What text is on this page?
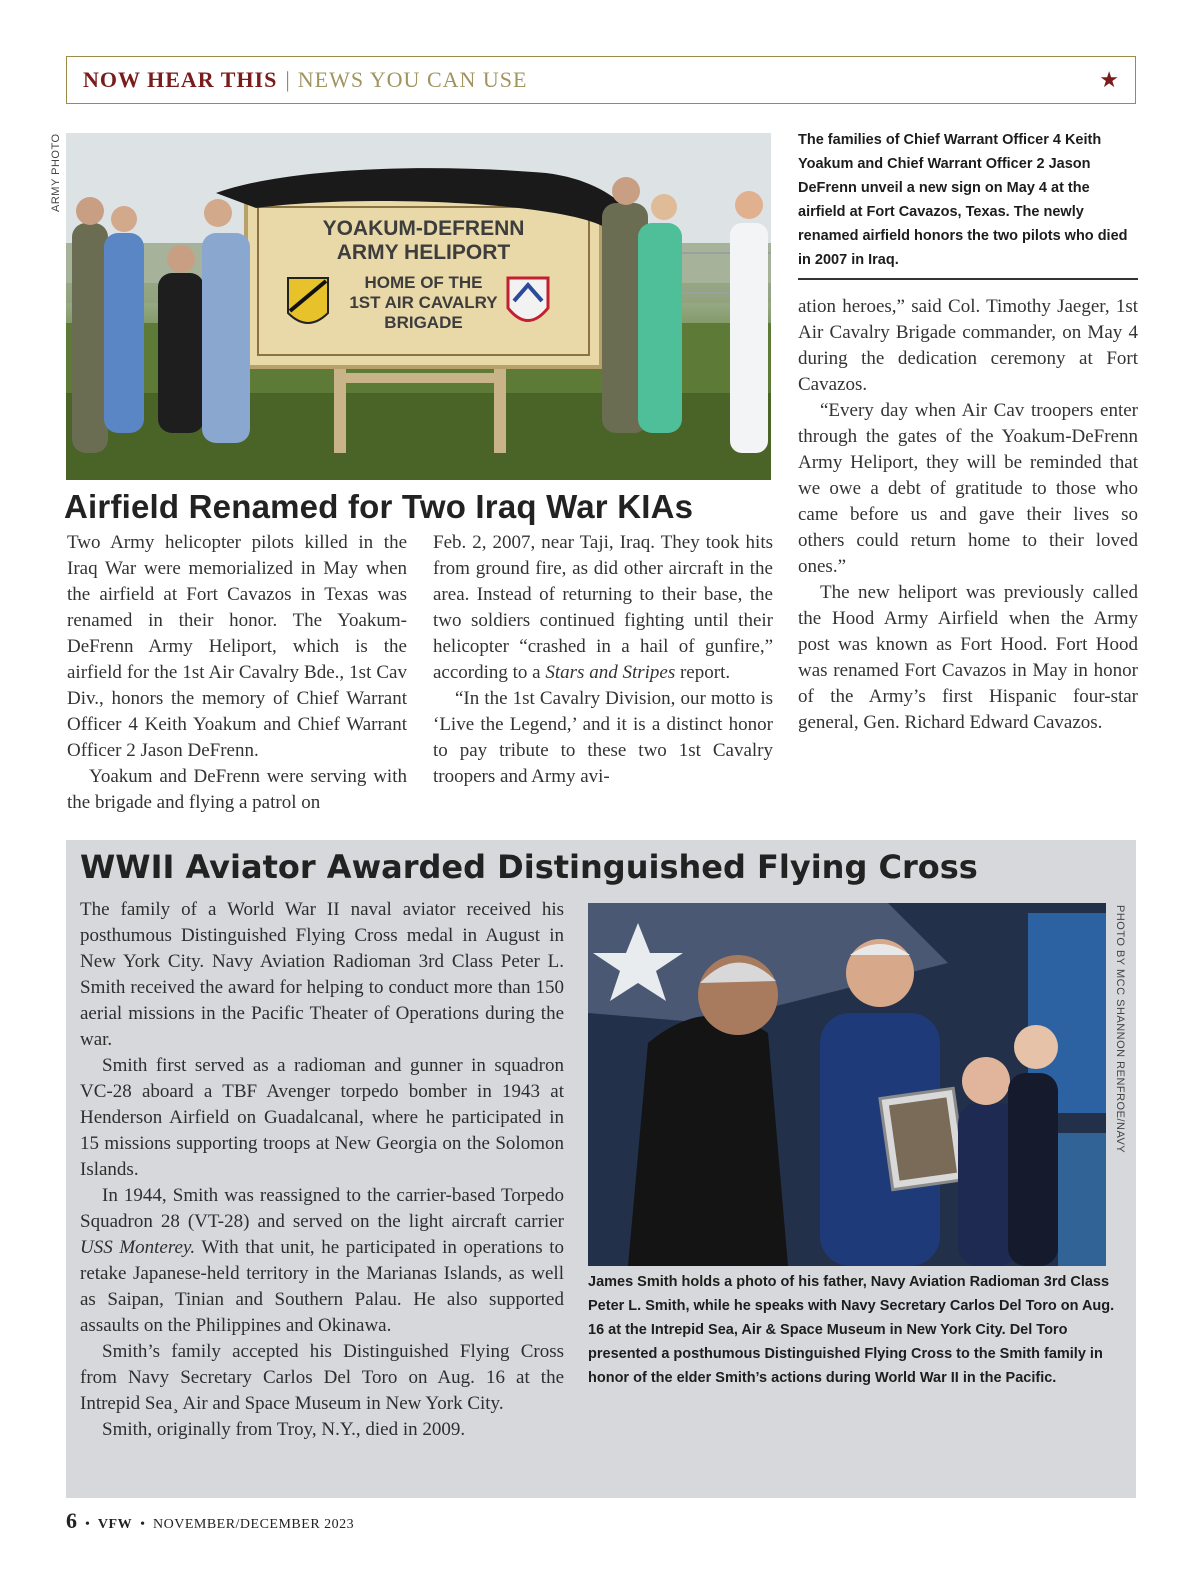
NOW HEAR THIS | NEWS YOU CAN USE	★
ARMY PHOTO
YOAKUM-DEFRENN
ARMY HELIPORT
HOME OF THE
1ST AIR CAVALRY
BRIGADE
The families of Chief Warrant Officer 4 Keith Yoakum and Chief Warrant Officer 2 Jason DeFrenn unveil a new sign on May 4 at the airfield at Fort Cavazos, Texas. The newly renamed airfield honors the two pilots who died in 2007 in Iraq.
Airfield Renamed for Two Iraq War KIAs

Two Army helicopter pilots killed in the Iraq War were memorialized in May when the airfield at Fort Cavazos in Texas was renamed in their honor. The Yoakum-DeFrenn Army Heliport, which is the airfield for the 1st Air Cavalry Bde., 1st Cav Div., honors the memory of Chief Warrant Officer 4 Keith Yoakum and Chief Warrant Officer 2 Jason DeFrenn.

Yoakum and DeFrenn were serving with the brigade and flying a patrol on

Feb. 2, 2007, near Taji, Iraq. They took hits from ground fire, as did other aircraft in the area. Instead of returning to their base, the two soldiers continued fighting until their helicopter “crashed in a hail of gunfire,” according to a Stars and Stripes report.

“In the 1st Cavalry Division, our motto is ‘Live the Legend,’ and it is a distinct honor to pay tribute to these two 1st Cavalry troopers and Army avi-

ation heroes,” said Col. Timothy Jaeger, 1st Air Cavalry Brigade commander, on May 4 during the dedication ceremony at Fort Cavazos.

“Every day when Air Cav troopers enter through the gates of the Yoakum-DeFrenn Army Heliport, they will be reminded that we owe a debt of gratitude to those who came before us and gave their lives so others could return home to their loved ones.”

The new heliport was previously called the Hood Army Airfield when the Army post was known as Fort Hood. Fort Hood was renamed Fort Cavazos in May in honor of the Army’s first Hispanic four-star general, Gen. Richard Edward Cavazos.

WWII Aviator Awarded Distinguished Flying Cross

The family of a World War II naval aviator received his posthumous Distinguished Flying Cross medal in August in New York City. Navy Aviation Radioman 3rd Class Peter L. Smith received the award for helping to conduct more than 150 aerial missions in the Pacific Theater of Operations during the war.

Smith first served as a radioman and gunner in squadron VC-28 aboard a TBF Avenger torpedo bomber in 1943 at Henderson Airfield on Guadalcanal, where he participated in 15 missions supporting troops at New Georgia on the Solomon Islands.

In 1944, Smith was reassigned to the carrier-based Torpedo Squadron 28 (VT-28) and served on the light aircraft carrier USS Monterey. With that unit, he participated in operations to retake Japanese-held territory in the Marianas Islands, as well as Saipan, Tinian and Southern Palau. He also supported assaults on the Philippines and Okinawa.

Smith’s family accepted his Distinguished Flying Cross from Navy Secretary Carlos Del Toro on Aug. 16 at the Intrepid Sea¸ Air and Space Museum in New York City.

Smith, originally from Troy, N.Y., died in 2009.

PHOTO BY MCC SHANNON RENFROE/NAVY
James Smith holds a photo of his father, Navy Aviation Radioman 3rd Class Peter L. Smith, while he speaks with Navy Secretary Carlos Del Toro on Aug. 16 at the Intrepid Sea, Air & Space Museum in New York City. Del Toro presented a posthumous Distinguished Flying Cross to the Smith family in honor of the elder Smith’s actions during World War II in the Pacific.
6 • VFW • NOVEMBER/DECEMBER 2023
